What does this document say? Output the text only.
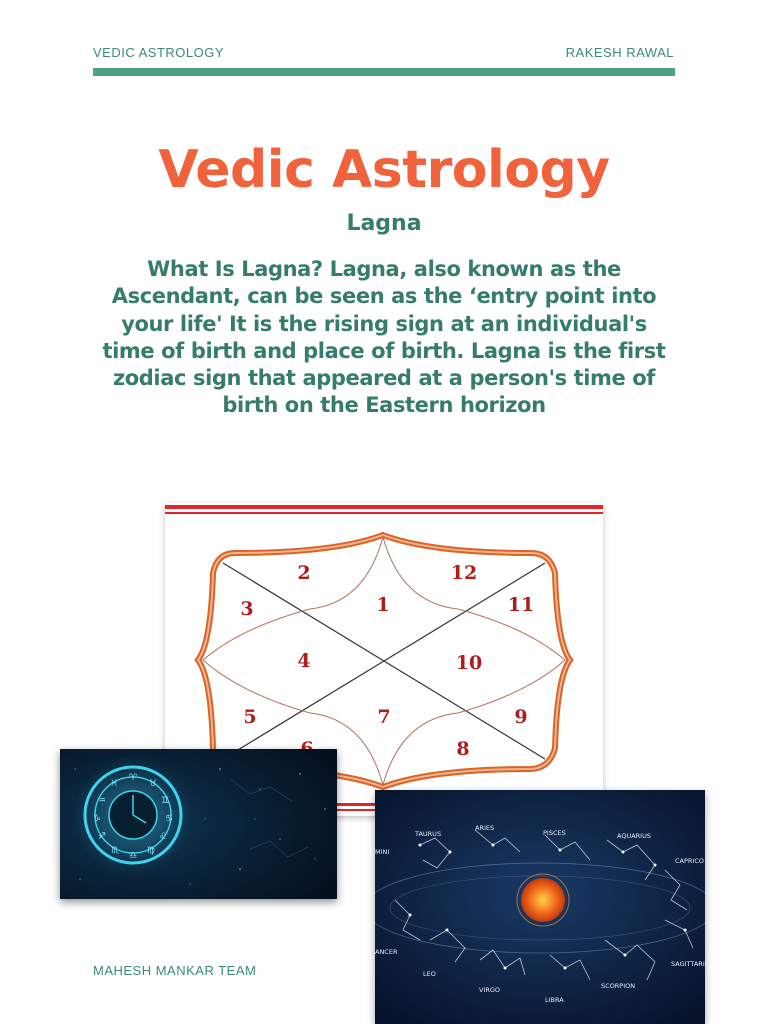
VEDIC ASTROLOGY	RAKESH RAWAL
Vedic Astrology
Lagna
What Is Lagna? Lagna, also known as the Ascendant, can be seen as the ‘entry point into your life' It is the rising sign at an individual's time of birth and place of birth. Lagna is the first zodiac sign that appeared at a person's time of birth on the Eastern horizon
2	12
3	1	11
4	10
5	7	9
8
♈
♉
♊
♋
♌
♍
♎
♏
♐
♑
♒
♓
TAURUS
ARIES
PISCES	AQUARIUS
MINI
CAPRICO
ANCER
SAGITTARI
LEO
VIRGO
LIBRA
SCORPION
MAHESH MANKAR TEAM
